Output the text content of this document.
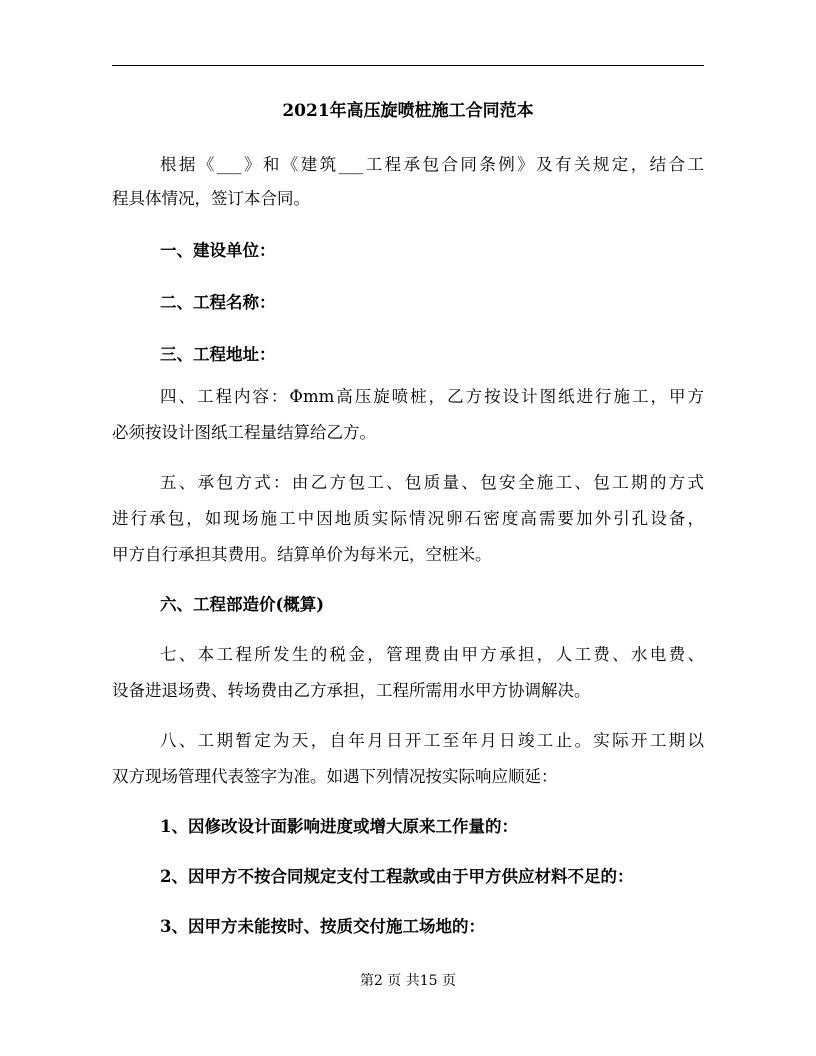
2021年高压旋喷桩施工合同范本
根据《___》和《建筑___工程承包合同条例》及有关规定，结合工
程具体情况，签订本合同。
一、建设单位：
二、工程名称：
三、工程地址：
四、工程内容：Φmm高压旋喷桩，乙方按设计图纸进行施工，甲方
必须按设计图纸工程量结算给乙方。
五、承包方式：由乙方包工、包质量、包安全施工、包工期的方式
进行承包，如现场施工中因地质实际情况卵石密度高需要加外引孔设备，
甲方自行承担其费用。结算单价为每米元，空桩米。
六、工程部造价(概算)
七、本工程所发生的税金，管理费由甲方承担，人工费、水电费、
设备进退场费、转场费由乙方承担，工程所需用水甲方协调解决。
八、工期暂定为天，自年月日开工至年月日竣工止。实际开工期以
双方现场管理代表签字为准。如遇下列情况按实际响应顺延：
1、因修改设计面影响进度或增大原来工作量的：
2、因甲方不按合同规定支付工程款或由于甲方供应材料不足的：
3、因甲方未能按时、按质交付施工场地的：
第2 页 共15 页
